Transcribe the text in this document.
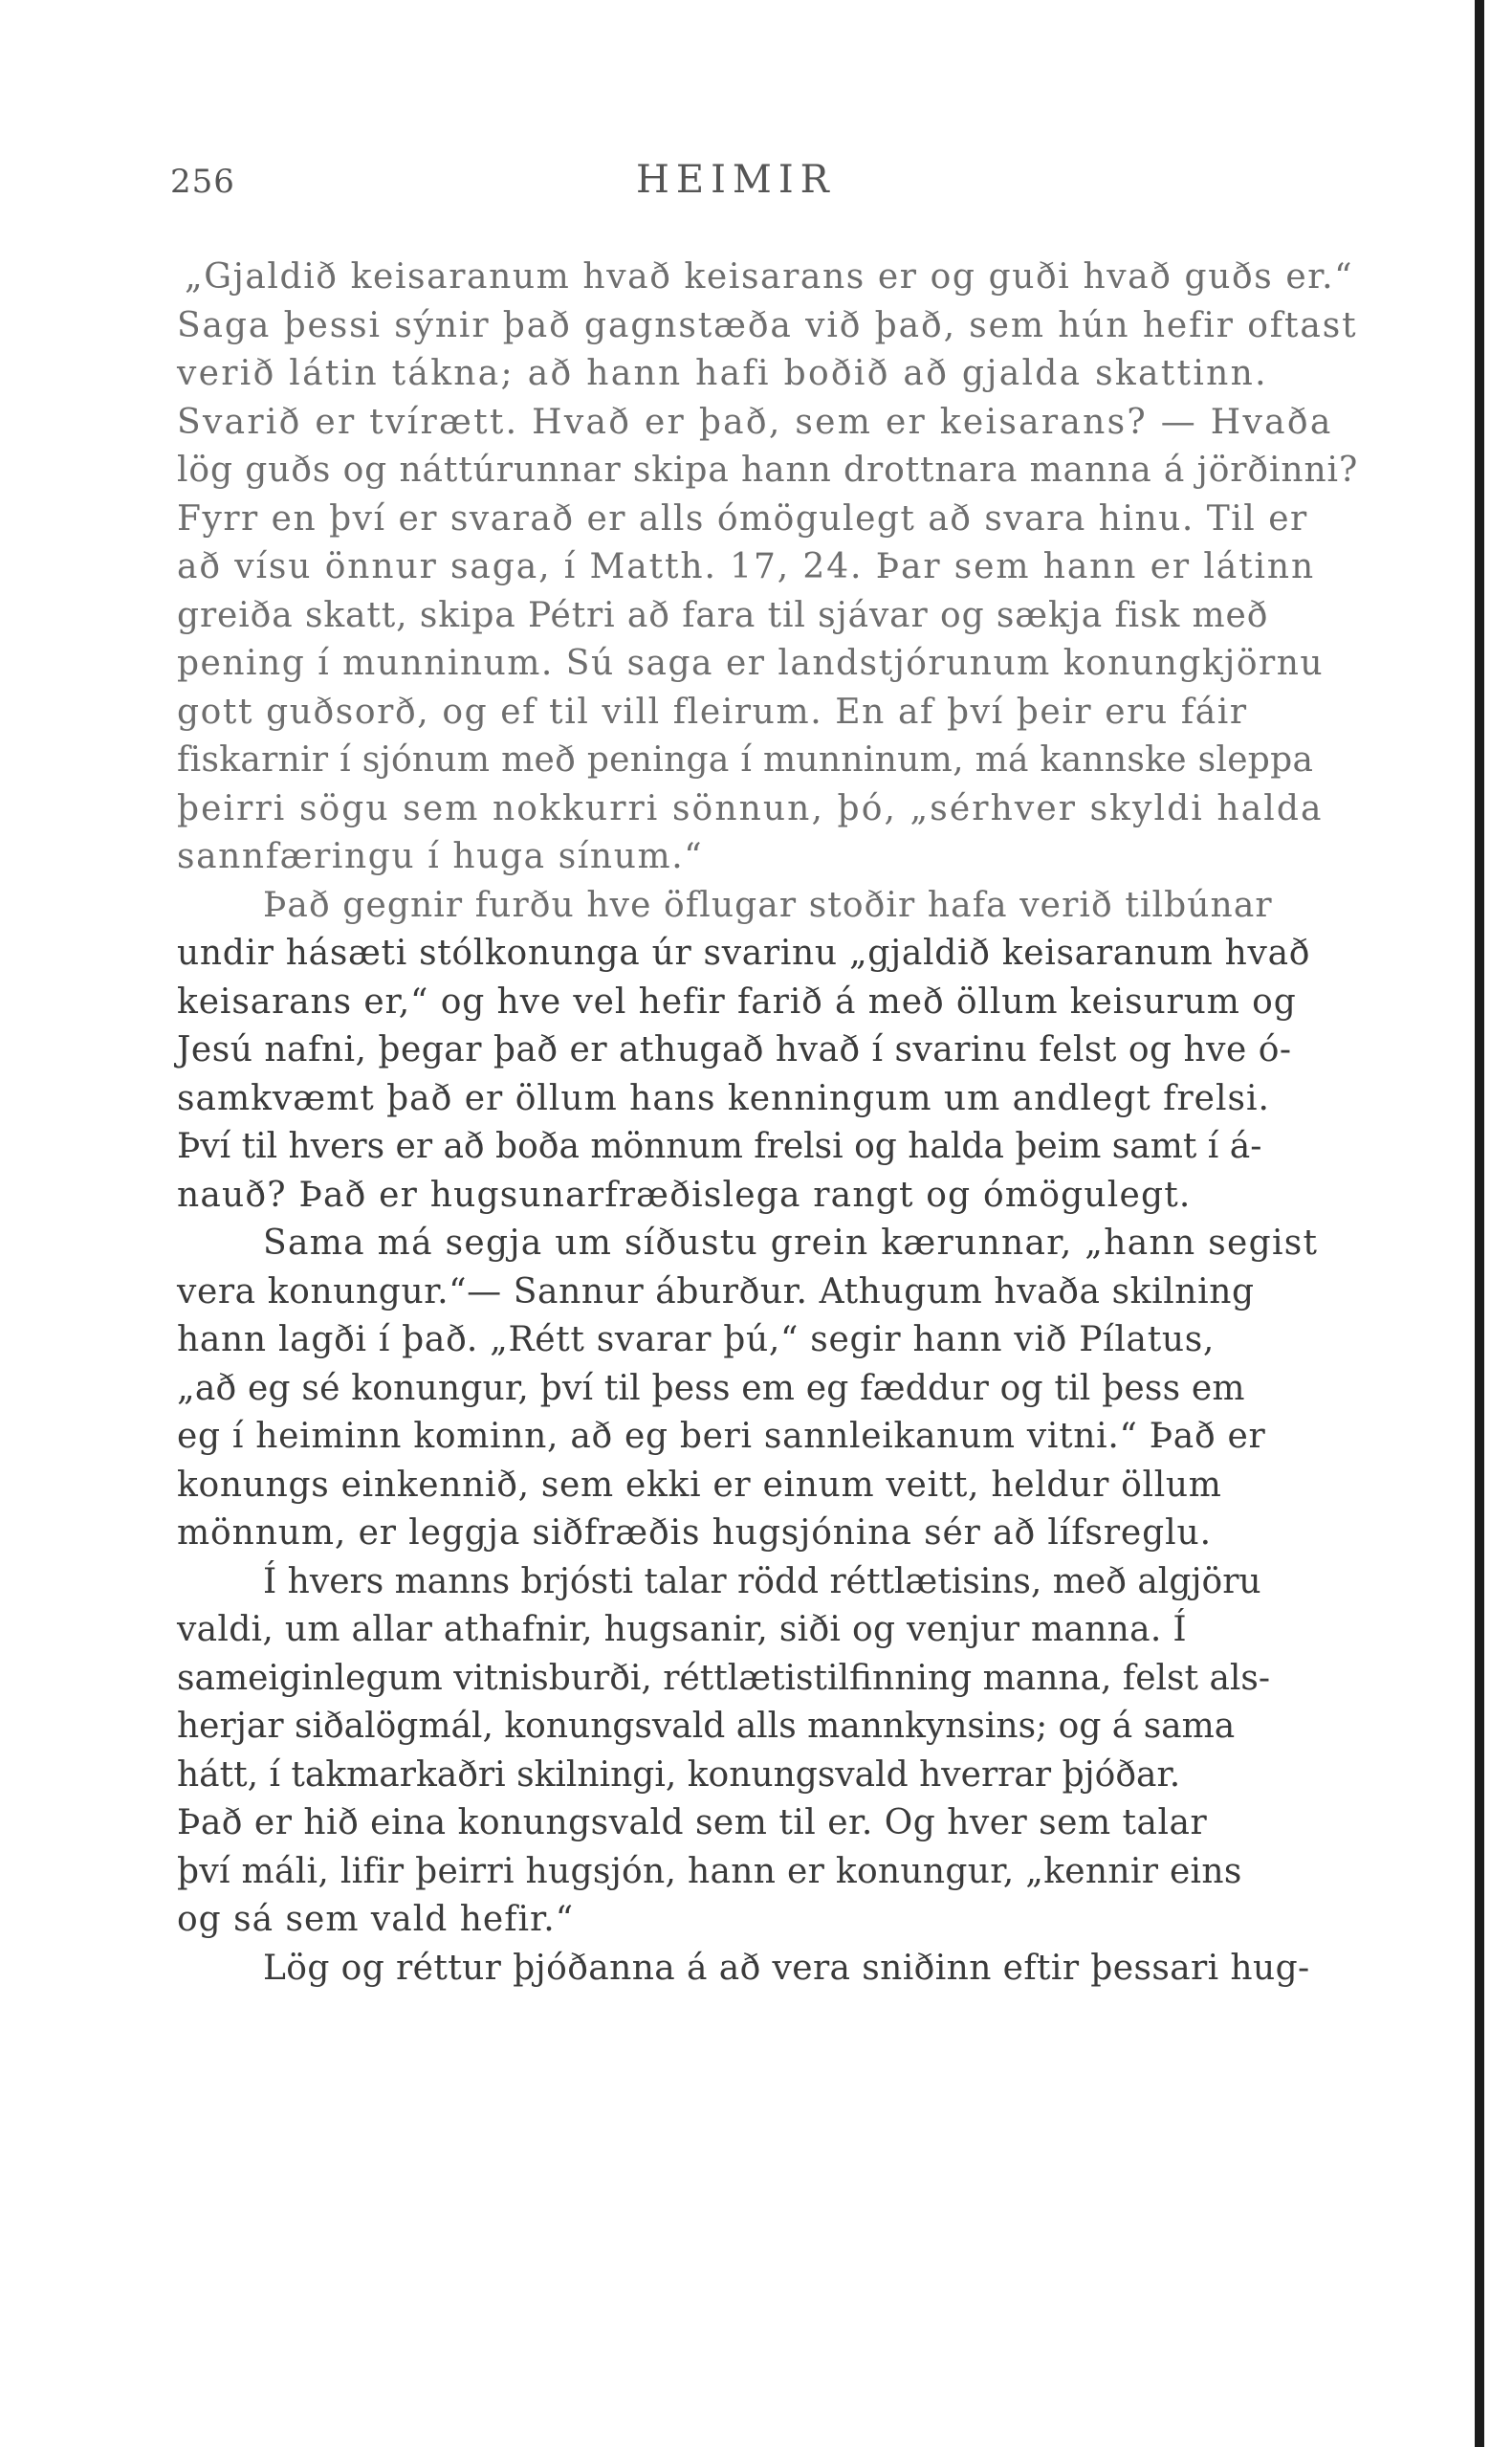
256	HEIMIR
„Gjaldið keisaranum hvað keisarans er og guði hvað guðs er.“
Saga þessi sýnir það gagnstæða við það, sem hún hefir oftast
verið látin tákna; að hann hafi boðið að gjalda skattinn.
Svarið er tvírætt. Hvað er það, sem er keisarans? — Hvaða
lög guðs og náttúrunnar skipa hann drottnara manna á jörðinni?
Fyrr en því er svarað er alls ómögulegt að svara hinu. Til er
að vísu önnur saga, í Matth. 17, 24. Þar sem hann er látinn
greiða skatt, skipa Pétri að fara til sjávar og sækja fisk með
pening í munninum. Sú saga er landstjórunum konungkjörnu
gott guðsorð, og ef til vill fleirum. En af því þeir eru fáir
fiskarnir í sjónum með peninga í munninum, má kannske sleppa
þeirri sögu sem nokkurri sönnun, þó, „sérhver skyldi halda
sannfæringu í huga sínum.“
Það gegnir furðu hve öflugar stoðir hafa verið tilbúnar
undir hásæti stólkonunga úr svarinu „gjaldið keisaranum hvað
keisarans er,“ og hve vel hefir farið á með öllum keisurum og
Jesú nafni, þegar það er athugað hvað í svarinu felst og hve ó-
samkvæmt það er öllum hans kenningum um andlegt frelsi.
Því til hvers er að boða mönnum frelsi og halda þeim samt í á-
nauð? Það er hugsunarfræðislega rangt og ómögulegt.
Sama má segja um síðustu grein kærunnar, „hann segist
vera konungur.“— Sannur áburður. Athugum hvaða skilning
hann lagði í það. „Rétt svarar þú,“ segir hann við Pílatus,
„að eg sé konungur, því til þess em eg fæddur og til þess em
eg í heiminn kominn, að eg beri sannleikanum vitni.“ Það er
konungs einkennið, sem ekki er einum veitt, heldur öllum
mönnum, er leggja siðfræðis hugsjónina sér að lífsreglu.
Í hvers manns brjósti talar rödd réttlætisins, með algjöru
valdi, um allar athafnir, hugsanir, siði og venjur manna. Í
sameiginlegum vitnisburði, réttlætistilfinning manna, felst als-
herjar siðalögmál, konungsvald alls mannkynsins; og á sama
hátt, í takmarkaðri skilningi, konungsvald hverrar þjóðar.
Það er hið eina konungsvald sem til er. Og hver sem talar
því máli, lifir þeirri hugsjón, hann er konungur, „kennir eins
og sá sem vald hefir.“
Lög og réttur þjóðanna á að vera sniðinn eftir þessari hug-
